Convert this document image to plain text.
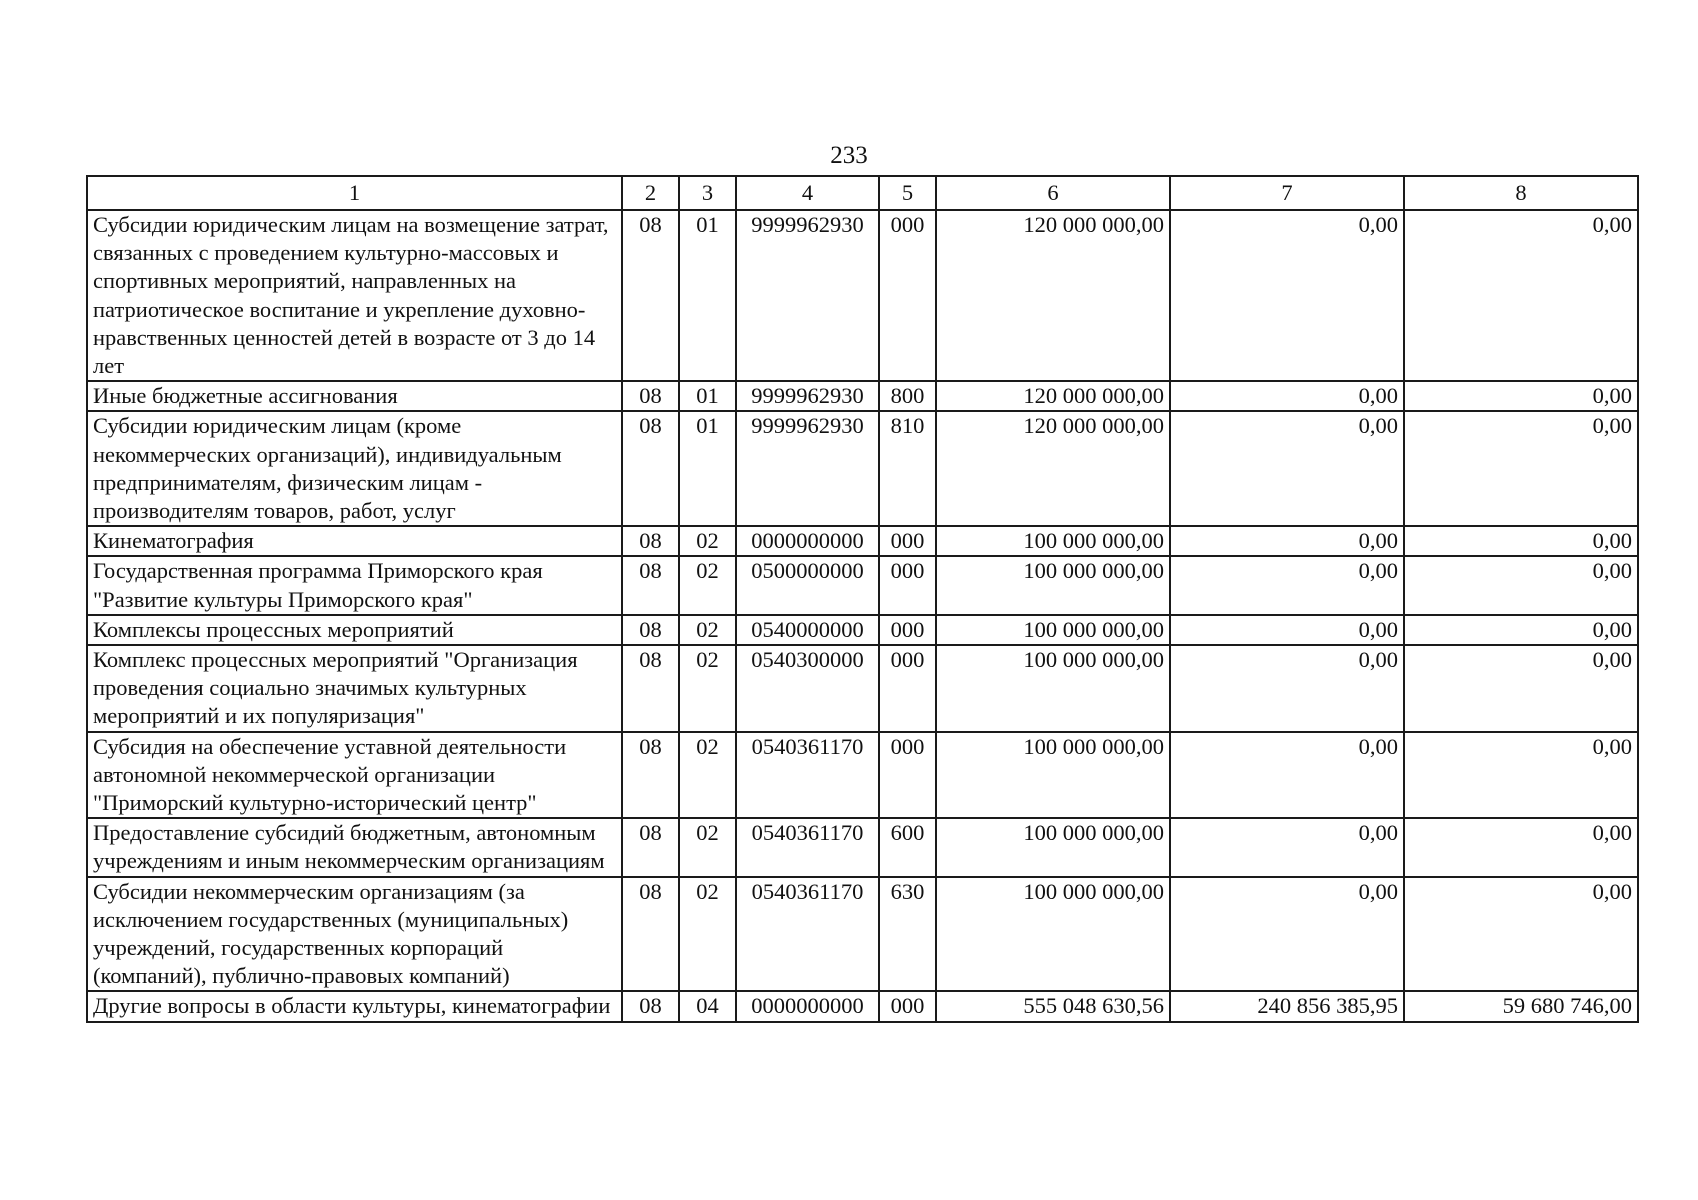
233
1	2	3	4	5	6	7	8
Субсидии юридическим лицам на возмещение затрат, связанных с проведением культурно-массовых и спортивных мероприятий, направленных на патриотическое воспитание и укрепление духовно-нравственных ценностей детей в возрасте от 3 до 14 лет	08	01	9999962930	000	120 000 000,00	0,00	0,00
Иные бюджетные ассигнования	08	01	9999962930	800	120 000 000,00	0,00	0,00
Субсидии юридическим лицам (кроме некоммерческих организаций), индивидуальным предпринимателям, физическим лицам - производителям товаров, работ, услуг	08	01	9999962930	810	120 000 000,00	0,00	0,00
Кинематография	08	02	0000000000	000	100 000 000,00	0,00	0,00
Государственная программа Приморского края "Развитие культуры Приморского края"	08	02	0500000000	000	100 000 000,00	0,00	0,00
Комплексы процессных мероприятий	08	02	0540000000	000	100 000 000,00	0,00	0,00
Комплекс процессных мероприятий "Организация проведения социально значимых культурных мероприятий и их популяризация"	08	02	0540300000	000	100 000 000,00	0,00	0,00
Субсидия на обеспечение уставной деятельности автономной некоммерческой организации "Приморский культурно-исторический центр"	08	02	0540361170	000	100 000 000,00	0,00	0,00
Предоставление субсидий бюджетным, автономным учреждениям и иным некоммерческим организациям	08	02	0540361170	600	100 000 000,00	0,00	0,00
Субсидии некоммерческим организациям (за исключением государственных (муниципальных) учреждений, государственных корпораций (компаний), публично-правовых компаний)	08	02	0540361170	630	100 000 000,00	0,00	0,00
Другие вопросы в области культуры, кинематографии	08	04	0000000000	000	555 048 630,56	240 856 385,95	59 680 746,00
